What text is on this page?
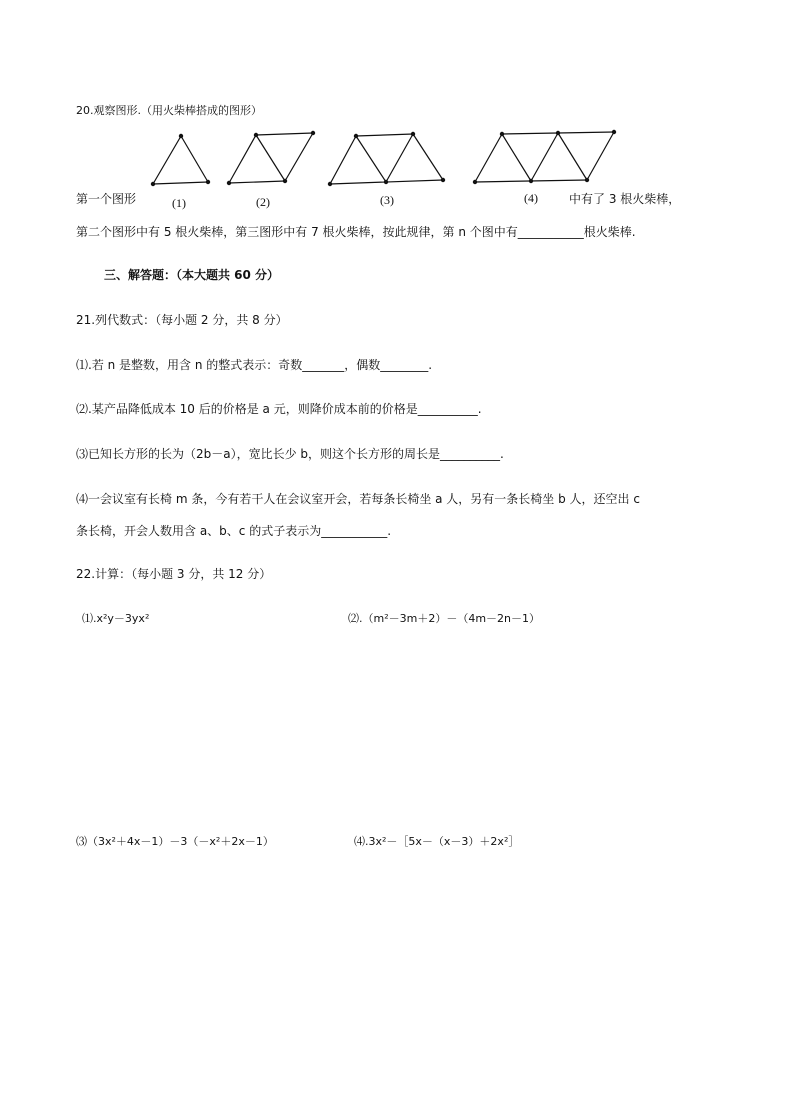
20.观察图形.（用火柴棒搭成的图形）
(1)	(2)	(3)	(4)
第一个图形	中有了 3 根火柴棒，
第二个图形中有 5 根火柴棒，第三图形中有 7 根火柴棒，按此规律，第 n 个图中有___________根火柴棒.
三、解答题：（本大题共 60 分）
21.列代数式：（每小题 2 分，共 8 分）
⑴.若 n 是整数，用含 n 的整式表示：奇数_______，偶数________.
⑵.某产品降低成本 10 后的价格是 a 元，则降价成本前的价格是__________.
⑶已知长方形的长为（2b－a），宽比长少 b，则这个长方形的周长是__________.
⑷一会议室有长椅 m 条，今有若干人在会议室开会，若每条长椅坐 a 人，另有一条长椅坐 b 人，还空出 c
条长椅，开会人数用含 a、b、c 的式子表示为___________.
22.计算：（每小题 3 分，共 12 分）
⑴.x²y－3yx²	⑵.（m²－3m＋2）－（4m－2n－1）
⑶（3x²＋4x－1）－3（－x²＋2x－1）	⑷.3x²－［5x－（x－3）＋2x²］
